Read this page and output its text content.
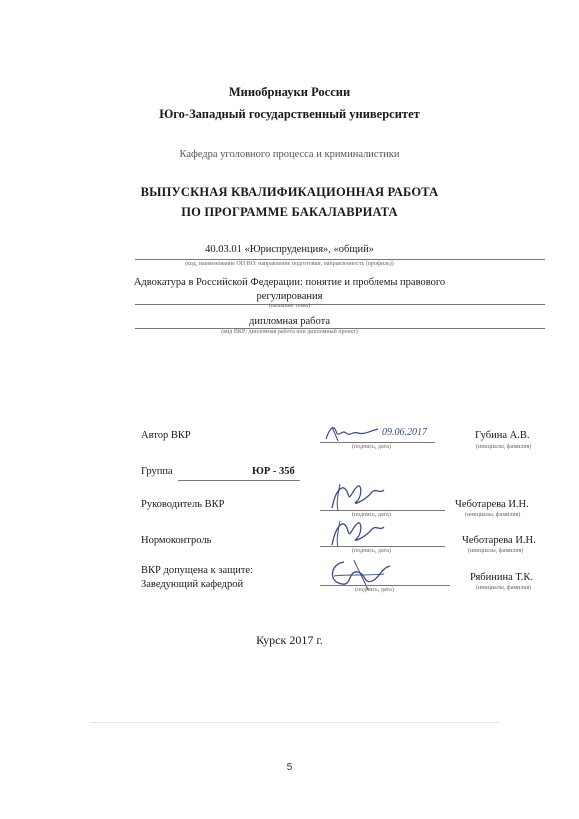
Минобрнауки России
Юго-Западный государственный университет
Кафедра уголовного процесса и криминалистики
ВЫПУСКНАЯ КВАЛИФИКАЦИОННАЯ РАБОТА
ПО ПРОГРАММЕ БАКАЛАВРИАТА
40.03.01 «Юриспруденция», «общий»
(код, наименование ОП ВО: направление подготовки, направленность (профиль))
Адвокатура в Российской Федерации: понятие и проблемы правового
регулирования
(название темы)
дипломная работа
(вид ВКР: дипломная работа или дипломный проект)
Автор ВКР	09.06.2017
(подпись, дата)
Губина А.В.
(инициалы, фамилия)
Группа	ЮР - 35б
Руководитель ВКР
(подпись, дата)
Чеботарева И.Н.
(инициалы, фамилия)
Нормоконтроль
(подпись, дата)
Чеботарева И.Н.
(инициалы, фамилия)
ВКР допущена к защите:
Заведующий кафедрой	(подпись, дата)
Рябинина Т.К.
(инициалы, фамилия)
Курск 2017 г.
5
